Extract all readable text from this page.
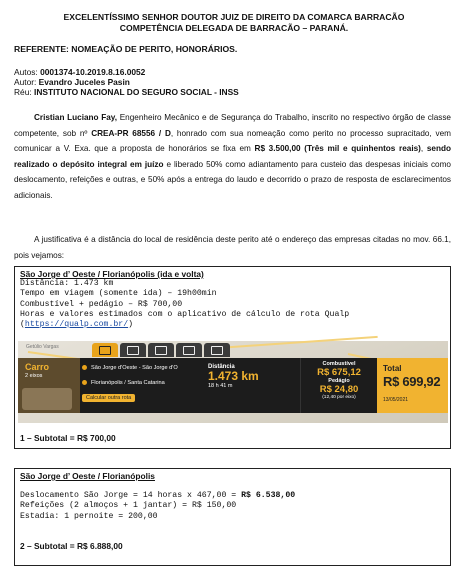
EXCELENTÍSSIMO SENHOR DOUTOR JUIZ DE DIREITO DA COMARCA BARRACÃO
COMPETÊNCIA DELEGADA DE BARRACÃO – PARANÁ.
REFERENTE: NOMEAÇÃO DE PERITO, HONORÁRIOS.
Autos: 0001374-10.2019.8.16.0052
Autor: Evandro Juceles Pasin
Réu: INSTITUTO NACIONAL DO SEGURO SOCIAL - INSS
Cristian Luciano Fay, Engenheiro Mecânico e de Segurança do Trabalho, inscrito no respectivo órgão de classe competente, sob nº CREA-PR 68556 / D, honrado com sua nomeação como perito no processo supracitado, vem comunicar a V. Exa. que a proposta de honorários se fixa em R$ 3.500,00 (Três mil e quinhentos reais), sendo realizado o depósito integral em juízo e liberado 50% como adiantamento para custeio das despesas iniciais como deslocamento, refeições e outras, e 50% após a entrega do laudo e decorrido o prazo de resposta de esclarecimentos adicionais.
A justificativa é a distância do local de residência deste perito até o endereço das empresas citadas no mov. 66.1, pois vejamos:
São Jorge d’ Oeste / Florianópolis (ida e volta)
Distância: 1.473 km
Tempo em viagem (somente ida) – 19h00min
Combustível + pedágio – R$ 700,00
Horas e valores estimados com o aplicativo de cálculo de rota Qualp (https://qualp.com.br/)
1 – Subtotal = R$ 700,00
Getúlio Vargas
Carro
2 eixos
São Jorge d'Oeste - São Jorge d'O
Florianópolis / Santa Catarina
Calcular outra rota
Distância
1.473 km
18 h 41 m
Combustível
R$ 675,12
Pedágio
R$ 24,80
(12,40 por eixo)
Total
R$ 699,92
13/05/2021
São Jorge d’ Oeste / Florianópolis
Deslocamento São Jorge = 14 horas x 467,00 = R$ 6.538,00
Refeições (2 almoços + 1 jantar) = R$ 150,00
Estadia: 1 pernoite = 200,00
2 – Subtotal = R$ 6.888,00
